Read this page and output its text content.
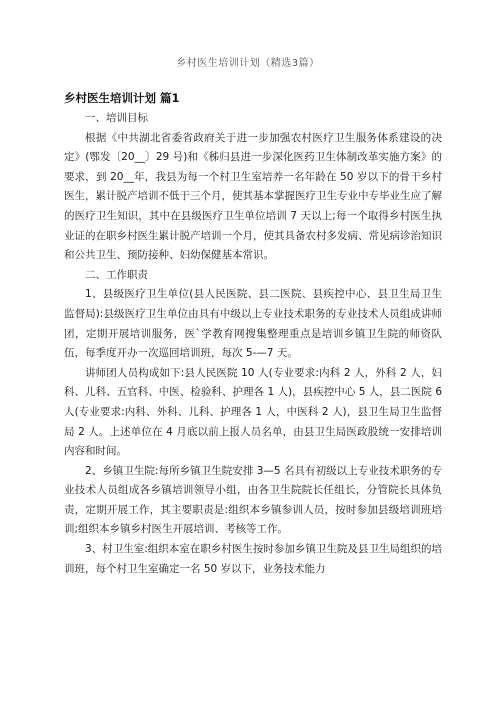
乡村医生培训计划（精选3篇）
乡村医生培训计划 篇1
一、培训目标

根据《中共湖北省委省政府关于进一步加强农村医疗卫生服务体系建设的决定》(鄂发〔20__〕29 号)和《秭归县进一步深化医药卫生体制改革实施方案》的要求，到 20__年，我县为每一个村卫生室培养一名年龄在 50 岁以下的骨干乡村医生，累计脱产培训不低于三个月，使其基本掌握医疗卫生专业中专毕业生应了解的医疗卫生知识，其中在县级医疗卫生单位培训 7 天以上;每一个取得乡村医生执业证的在职乡村医生累计脱产培训一个月，使其具备农村多发病、常见病诊治知识和公共卫生、预防接种、妇幼保健基本常识。

二、工作职责

1、县级医疗卫生单位(县人民医院、县二医院、县疾控中心、县卫生局卫生监督局):县级医疗卫生单位由具有中级以上专业技术职务的专业技术人员组成讲师团，定期开展培训服务，医`学教育网搜集整理重点是培训乡镇卫生院的师资队伍，每季度开办一次巡回培训班，每次 5-—7 天。

讲师团人员构成如下:县人民医院 10 人(专业要求:内科 2 人，外科 2 人，妇科、儿科、五官科、中医、检验科、护理各 1 人)，县疾控中心 5 人，县二医院 6 人(专业要求:内科、外科、儿科、护理各 1 人，中医科 2 人)，县卫生局卫生监督局 2 人。上述单位在 4 月底以前上报人员名单，由县卫生局医政股统一安排培训内容和时间。

2、乡镇卫生院:每所乡镇卫生院安排 3—5 名具有初级以上专业技术职务的专业技术人员组成各乡镇培训领导小组，由各卫生院院长任组长，分管院长具体负责，定期开展工作，其主要职责是:组织本乡镇参训人员，按时参加县级培训班培训;组织本乡镇乡村医生开展培训、考核等工作。

3、村卫生室:组织本室在职乡村医生按时参加乡镇卫生院及县卫生局组织的培训班，每个村卫生室确定一名 50 岁以下，业务技术能力
